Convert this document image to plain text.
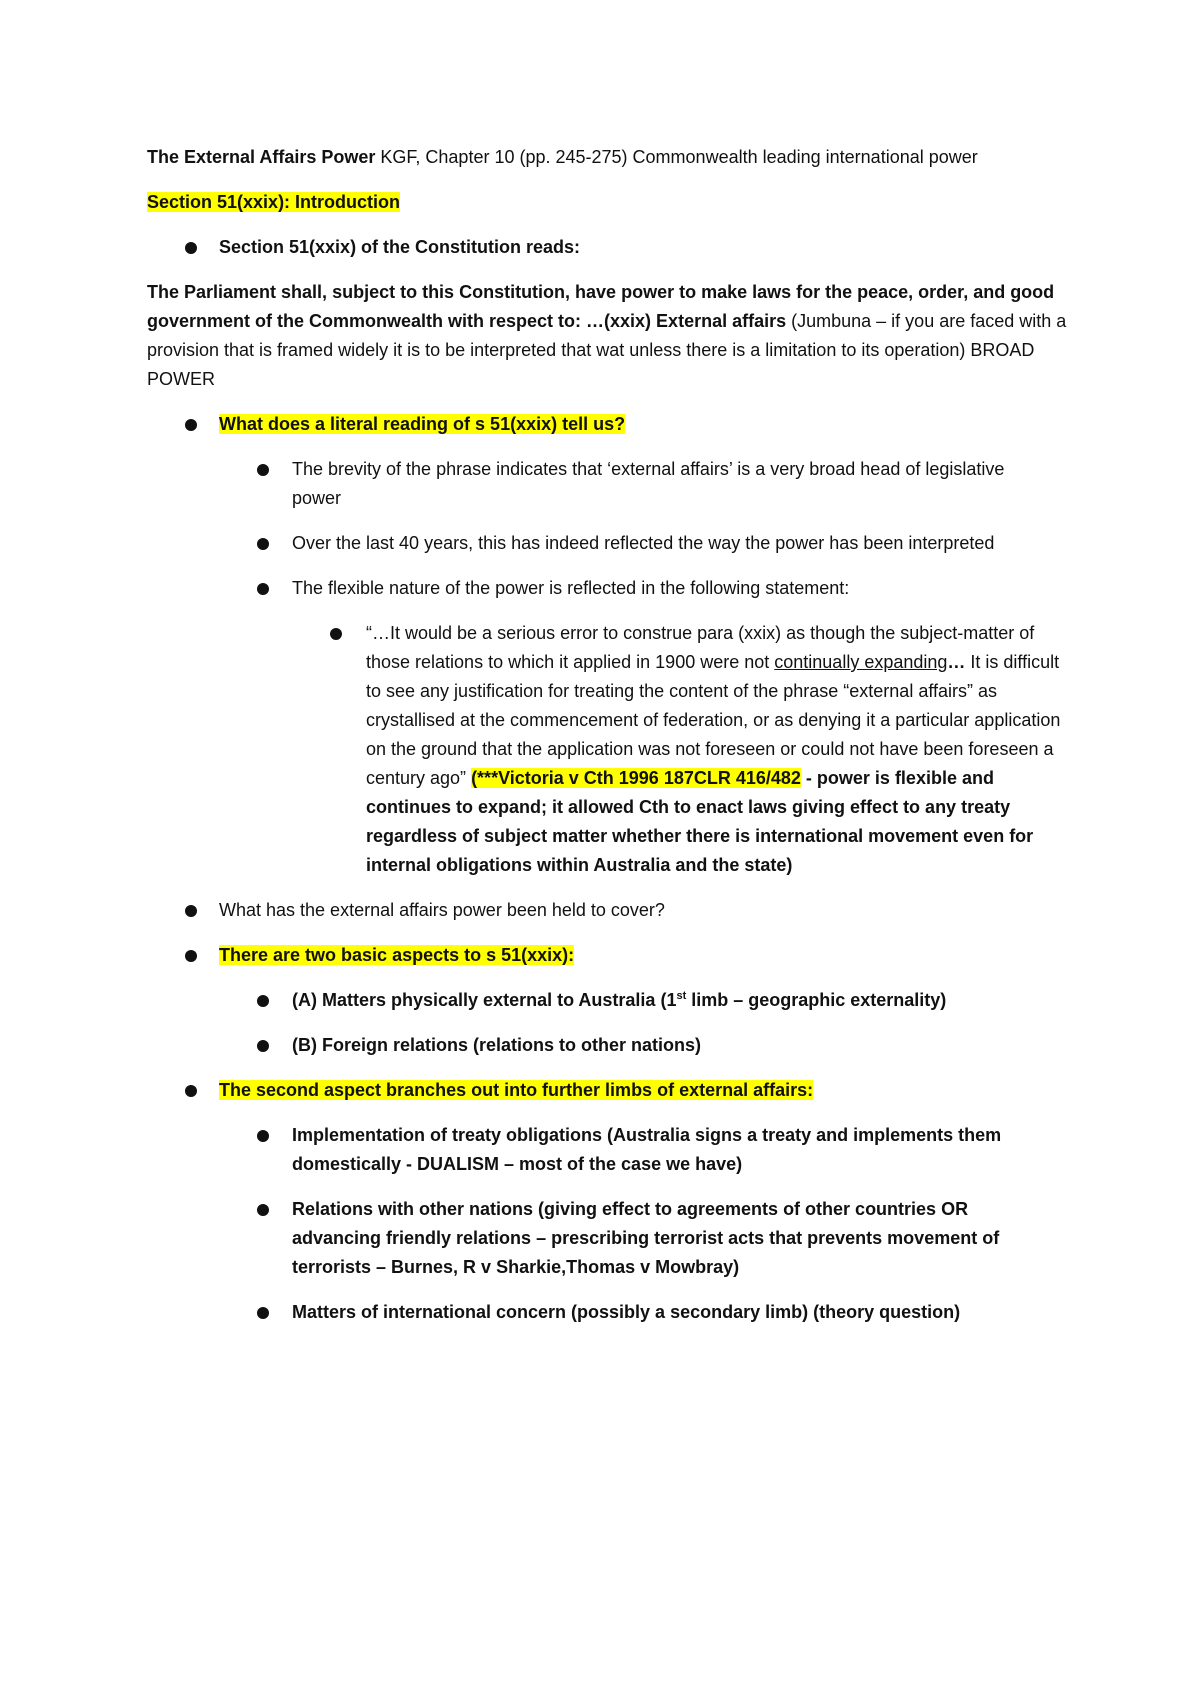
The External Affairs Power KGF, Chapter 10 (pp. 245-275) Commonwealth leading international power

Section 51(xxix): Introduction

Section 51(xxix) of the Constitution reads:

The Parliament shall, subject to this Constitution, have power to make laws for the peace, order, and good government of the Commonwealth with respect to: …(xxix) External affairs (Jumbuna – if you are faced with a provision that is framed widely it is to be interpreted that wat unless there is a limitation to its operation) BROAD POWER

What does a literal reading of s 51(xxix) tell us?
The brevity of the phrase indicates that ‘external affairs’ is a very broad head of legislative power
Over the last 40 years, this has indeed reflected the way the power has been interpreted
The flexible nature of the power is reflected in the following statement:
“…It would be a serious error to construe para (xxix) as though the subject-matter of those relations to which it applied in 1900 were not continually expanding… It is difficult to see any justification for treating the content of the phrase “external affairs” as crystallised at the commencement of federation, or as denying it a particular application on the ground that the application was not foreseen or could not have been foreseen a century ago” (***Victoria v Cth 1996 187CLR 416/482 - power is flexible and continues to expand; it allowed Cth to enact laws giving effect to any treaty regardless of subject matter whether there is international movement even for internal obligations within Australia and the state)
What has the external affairs power been held to cover?
There are two basic aspects to s 51(xxix):
(A) Matters physically external to Australia (1st limb – geographic externality)
(B) Foreign relations (relations to other nations)
The second aspect branches out into further limbs of external affairs:
Implementation of treaty obligations (Australia signs a treaty and implements them domestically - DUALISM – most of the case we have)
Relations with other nations (giving effect to agreements of other countries OR advancing friendly relations – prescribing terrorist acts that prevents movement of terrorists – Burnes, R v Sharkie,Thomas v Mowbray)
Matters of international concern (possibly a secondary limb) (theory question)
